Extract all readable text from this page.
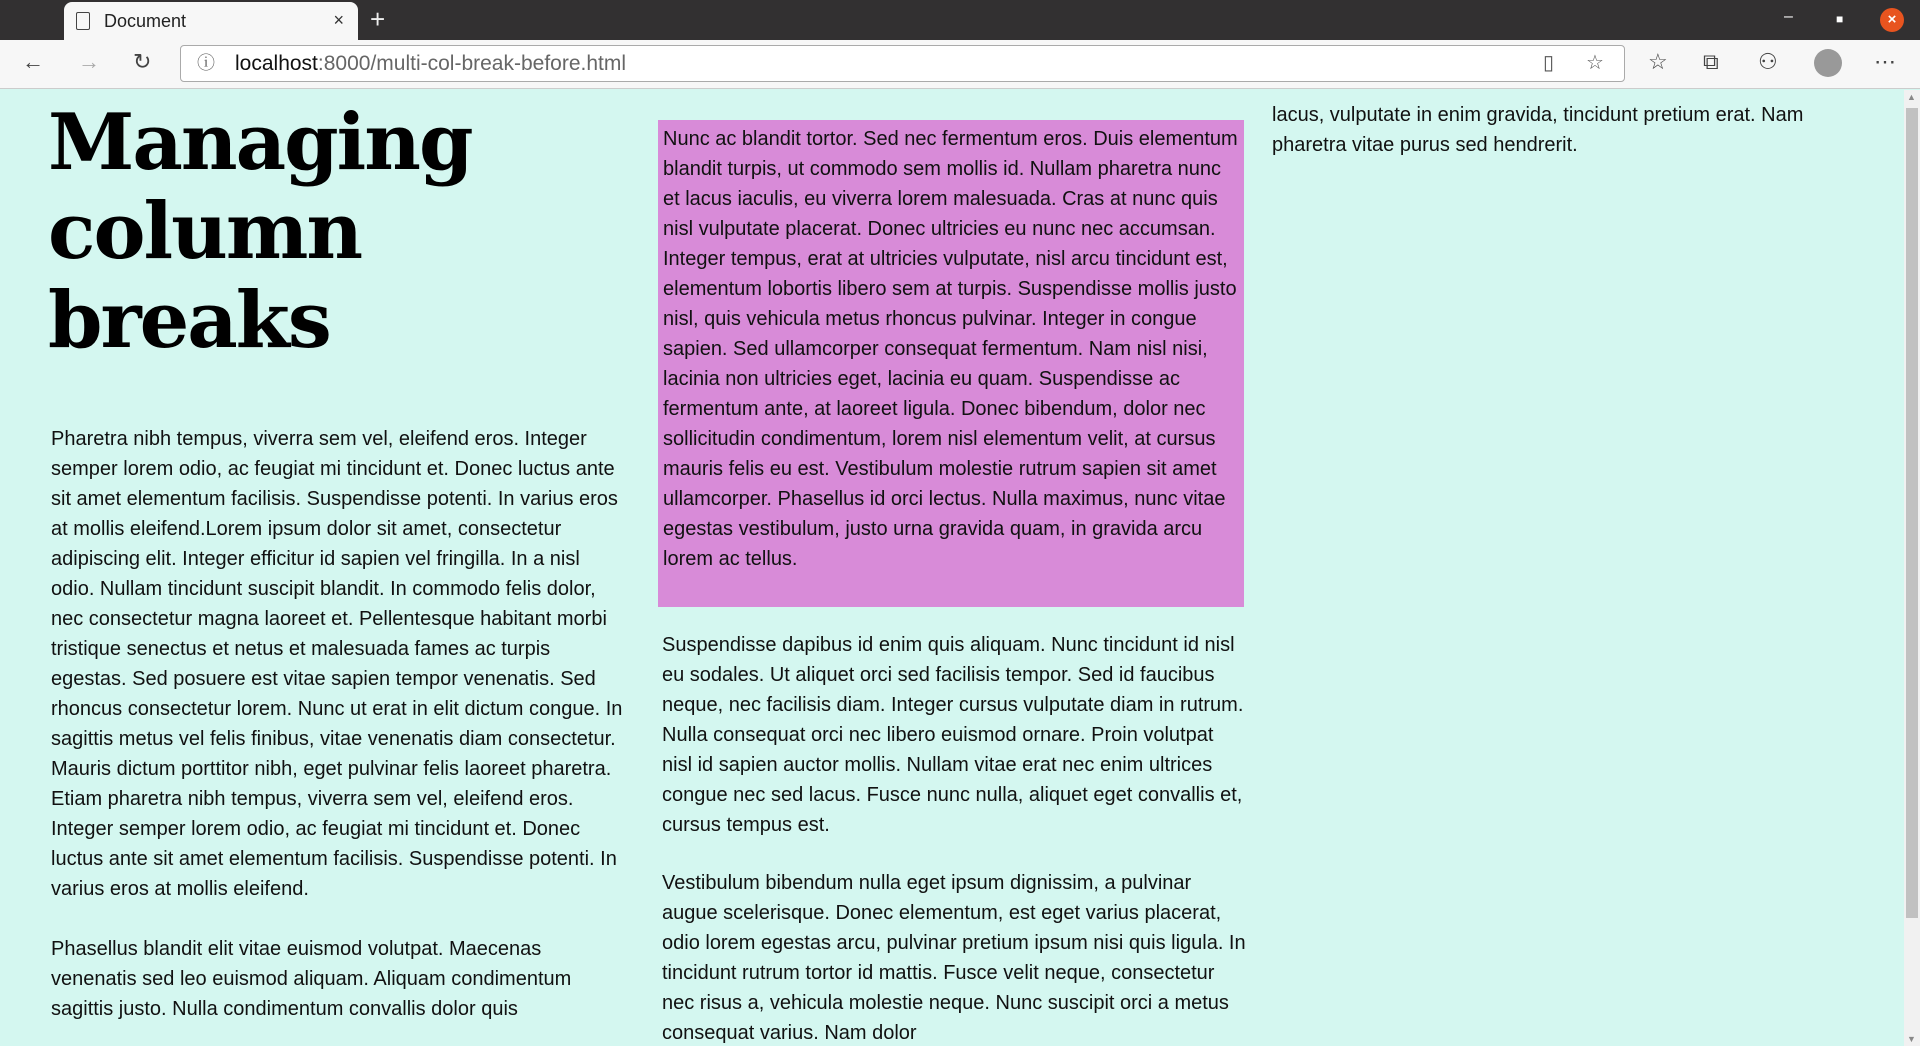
Document	× +	–	■	×
← → ↻	ⓘ localhost:8000/multi-col-break-before.html	▯ ☆ ☆ ⧉ ⚇	⋯
Managing column breaks

Pharetra nibh tempus, viverra sem vel, eleifend eros. Integer semper lorem odio, ac feugiat mi tincidunt et. Donec luctus ante sit amet elementum facilisis. Suspendisse potenti. In varius eros at mollis eleifend.Lorem ipsum dolor sit amet, consectetur adipiscing elit. Integer efficitur id sapien vel fringilla. In a nisl odio. Nullam tincidunt suscipit blandit. In commodo felis dolor, nec consectetur magna laoreet et. Pellentesque habitant morbi tristique senectus et netus et malesuada fames ac turpis egestas. Sed posuere est vitae sapien tempor venenatis. Sed rhoncus consectetur lorem. Nunc ut erat in elit dictum congue. In sagittis metus vel felis finibus, vitae venenatis diam consectetur. Mauris dictum porttitor nibh, eget pulvinar felis laoreet pharetra. Etiam pharetra nibh tempus, viverra sem vel, eleifend eros. Integer semper lorem odio, ac feugiat mi tincidunt et. Donec luctus ante sit amet elementum facilisis. Suspendisse potenti. In varius eros at mollis eleifend.

Phasellus blandit elit vitae euismod volutpat. Maecenas venenatis sed leo euismod aliquam. Aliquam condimentum sagittis justo. Nulla condimentum convallis dolor quis

Nunc ac blandit tortor. Sed nec fermentum eros. Duis elementum blandit turpis, ut commodo sem mollis id. Nullam pharetra nunc et lacus iaculis, eu viverra lorem malesuada. Cras at nunc quis nisl vulputate placerat. Donec ultricies eu nunc nec accumsan. Integer tempus, erat at ultricies vulputate, nisl arcu tincidunt est, elementum lobortis libero sem at turpis. Suspendisse mollis justo nisl, quis vehicula metus rhoncus pulvinar. Integer in congue sapien. Sed ullamcorper consequat fermentum. Nam nisl nisi, lacinia non ultricies eget, lacinia eu quam. Suspendisse ac fermentum ante, at laoreet ligula. Donec bibendum, dolor nec sollicitudin condimentum, lorem nisl elementum velit, at cursus mauris felis eu est. Vestibulum molestie rutrum sapien sit amet ullamcorper. Phasellus id orci lectus. Nulla maximus, nunc vitae egestas vestibulum, justo urna gravida quam, in gravida arcu lorem ac tellus.

Suspendisse dapibus id enim quis aliquam. Nunc tincidunt id nisl eu sodales. Ut aliquet orci sed facilisis tempor. Sed id faucibus neque, nec facilisis diam. Integer cursus vulputate diam in rutrum. Nulla consequat orci nec libero euismod ornare. Proin volutpat nisl id sapien auctor mollis. Nullam vitae erat nec enim ultrices congue nec sed lacus. Fusce nunc nulla, aliquet eget convallis et, cursus tempus est.

Vestibulum bibendum nulla eget ipsum dignissim, a pulvinar augue scelerisque. Donec elementum, est eget varius placerat, odio lorem egestas arcu, pulvinar pretium ipsum nisi quis ligula. In tincidunt rutrum tortor id mattis. Fusce velit neque, consectetur nec risus a, vehicula molestie neque. Nunc suscipit orci a metus consequat varius. Nam dolor

lacus, vulputate in enim gravida, tincidunt pretium erat. Nam pharetra vitae purus sed hendrerit.

▲
▼
